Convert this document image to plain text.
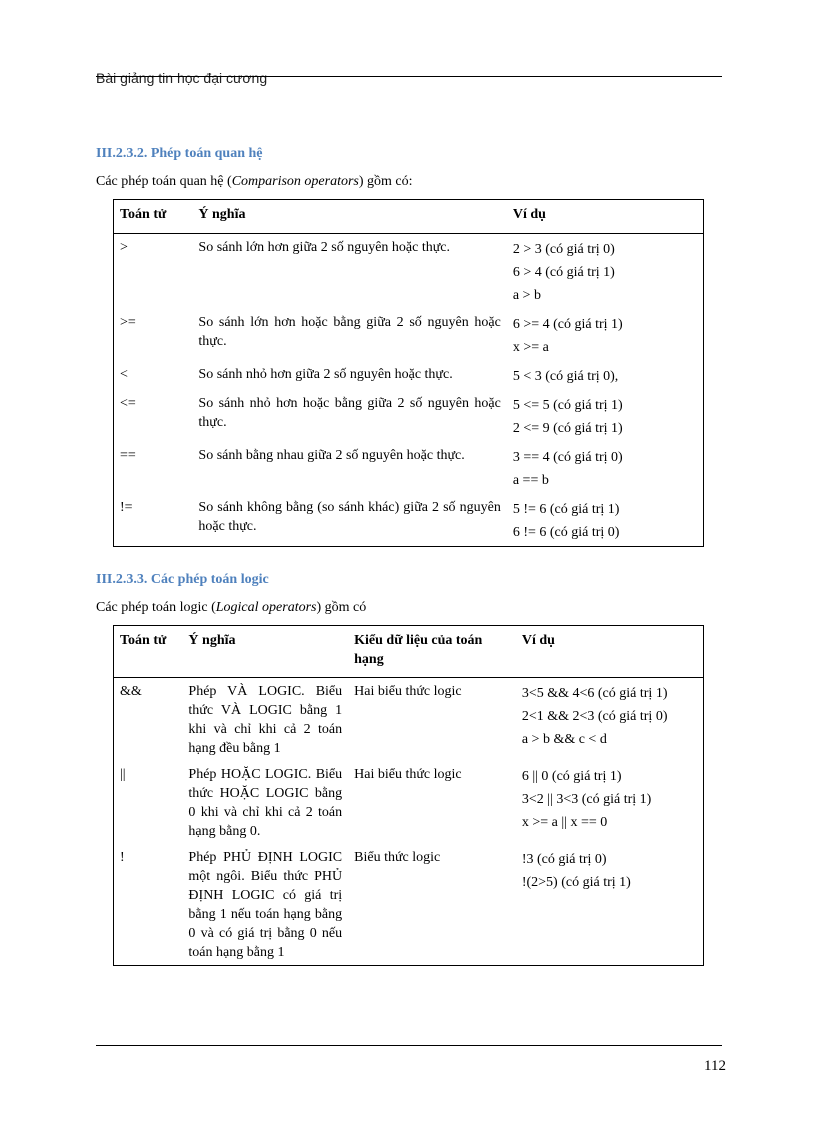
Bài giảng tin học đại cương
III.2.3.2. Phép toán quan hệ
Các phép toán quan hệ (Comparison operators) gồm có:
Toán tử	Ý nghĩa	Ví dụ
>	So sánh lớn hơn giữa 2 số nguyên hoặc thực.	2 > 3 (có giá trị 0)
6 > 4 (có giá trị 1)
a > b

>=	So sánh lớn hơn hoặc bằng giữa 2 số nguyên hoặc thực.	6 >= 4 (có giá trị 1)
x >= a

<	So sánh nhỏ hơn giữa 2 số nguyên hoặc thực.	5 < 3 (có giá trị 0),

<=	So sánh nhỏ hơn hoặc bằng giữa 2 số nguyên hoặc thực.	5 <= 5 (có giá trị 1)
2 <= 9 (có giá trị 1)

==	So sánh bằng nhau giữa 2 số nguyên hoặc thực.	3 == 4 (có giá trị 0)
a == b

!=	So sánh không bằng (so sánh khác) giữa 2 số nguyên hoặc thực.	5 != 6 (có giá trị 1)
6 != 6 (có giá trị 0)
III.2.3.3. Các phép toán logic
Các phép toán logic (Logical operators) gồm có
Toán tử	Ý nghĩa	Kiểu dữ liệu của toán hạng	Ví dụ
&&	Phép VÀ LOGIC. Biểu thức VÀ LOGIC bằng 1 khi và chỉ khi cả 2 toán hạng đều bằng 1	Hai biểu thức logic	3<5 && 4<6 (có giá trị 1)
2<1 && 2<3 (có giá trị 0)
a > b && c < d

||	Phép HOẶC LOGIC. Biểu thức HOẶC LOGIC bằng 0 khi và chỉ khi cả 2 toán hạng bằng 0.	Hai biểu thức logic	6 || 0 (có giá trị 1)
3<2 || 3<3 (có giá trị 1)
x >= a || x == 0

!	Phép PHỦ ĐỊNH LOGIC một ngôi. Biểu thức PHỦ ĐỊNH LOGIC có giá trị bằng 1 nếu toán hạng bằng 0 và có giá trị bằng 0 nếu toán hạng bằng 1	Biểu thức logic	!3 (có giá trị 0)
!(2>5) (có giá trị 1)
112
